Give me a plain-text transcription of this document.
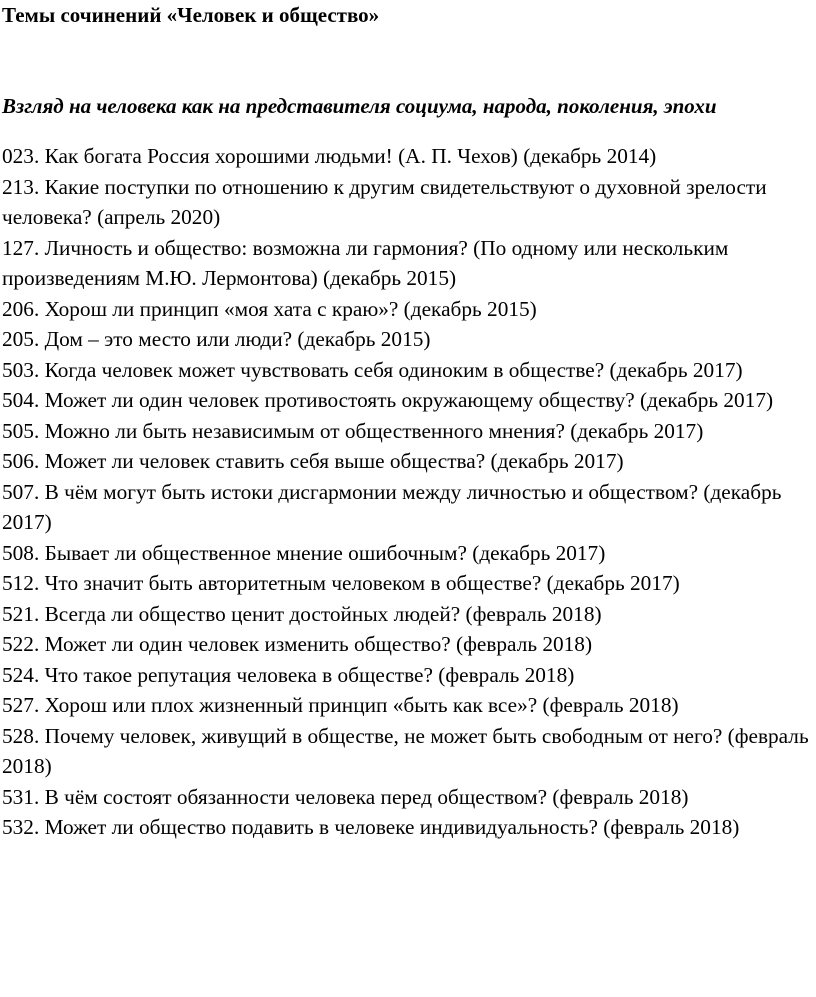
Темы сочинений «Человек и общество»
Взгляд на человека как на представителя социума, народа, поколения, эпохи
023. Как богата Россия хорошими людьми! (А. П. Чехов) (декабрь 2014)
213. Какие поступки по отношению к другим свидетельствуют о духовной зрелости человека? (апрель 2020)
127. Личность и общество: возможна ли гармония? (По одному или нескольким произведениям М.Ю. Лермонтова) (декабрь 2015)
206. Хорош ли принцип «моя хата с краю»? (декабрь 2015)
205. Дом – это место или люди? (декабрь 2015)
503. Когда человек может чувствовать себя одиноким в обществе? (декабрь 2017)
504. Может ли один человек противостоять окружающему обществу? (декабрь 2017)
505. Можно ли быть независимым от общественного мнения? (декабрь 2017)
506. Может ли человек ставить себя выше общества? (декабрь 2017)
507. В чём могут быть истоки дисгармонии между личностью и обществом? (декабрь 2017)
508. Бывает ли общественное мнение ошибочным? (декабрь 2017)
512. Что значит быть авторитетным человеком в обществе? (декабрь 2017)
521. Всегда ли общество ценит достойных людей? (февраль 2018)
522. Может ли один человек изменить общество? (февраль 2018)
524. Что такое репутация человека в обществе? (февраль 2018)
527. Хорош или плох жизненный принцип «быть как все»? (февраль 2018)
528. Почему человек, живущий в обществе, не может быть свободным от него? (февраль 2018)
531. В чём состоят обязанности человека перед обществом? (февраль 2018)
532. Может ли общество подавить в человеке индивидуальность? (февраль 2018)
